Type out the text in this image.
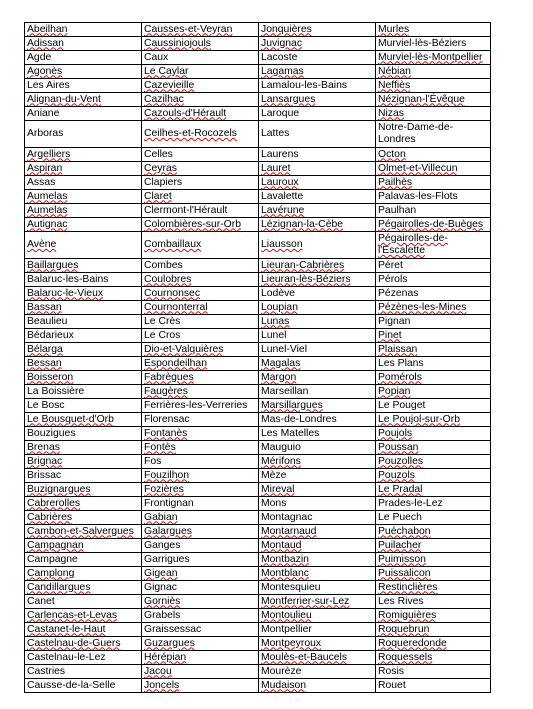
Abeilhan	Causses-et-Veyran	Jonquières	Murles
Adissan	Caussiniojouls	Juvignac	Murviel-lès-Béziers
Agde	Caux	Lacoste	Murviel-lès-Montpellier
Agonès	Le Caylar	Lagamas	Nébian
Les Aires	Cazevieille	Lamalou-les-Bains	Neffiès
Alignan-du-Vent	Cazilhac	Lansargues	Nézignan-l'Évêque
Aniane	Cazouls-d'Hérault	Laroque	Nizas
Arboras	Ceilhes-et-Rocozels	Lattes	Notre-Dame-de-Londres
Argelliers	Celles	Laurens	Octon
Aspiran	Ceyras	Lauret	Olmet-et-Villecun
Assas	Clapiers	Lauroux	Pailhès
Aumelas	Claret	Lavalette	Palavas-les-Flots
Aumelas	Clermont-l'Hérault	Lavérune	Paulhan
Autignac	Colombières-sur-Orb	Lézignan-la-Cèbe	Pégairolles-de-Buèges
Avène	Combaillaux	Liausson	Pégairolles-de-l'Escalette
Baillargues	Combes	Lieuran-Cabrières	Péret
Balaruc-les-Bains	Coulobres	Lieuran-lès-Béziers	Pérols
Balaruc-le-Vieux	Cournonsec	Lodève	Pézenas
Bassan	Cournonterral	Loupian	Pézènes-les-Mines
Beaulieu	Le Crès	Lunas	Pignan
Bédarieux	Le Cros	Lunel	Pinet
Bélarga	Dio-et-Valquières	Lunel-Viel	Plaissan
Bessan	Espondeilhan	Magalas	Les Plans
Boisseron	Fabrègues	Margon	Pomérols
La Boissière	Faugères	Marseillan	Popian
Le Bosc	Ferrières-les-Verreries	Marsillargues	Le Pouget
Le Bousquet-d'Orb	Florensac	Mas-de-Londres	Le Poujol-sur-Orb
Bouzigues	Fontanès	Les Matelles	Poujols
Brenas	Fontès	Mauguio	Poussan
Brignac	Fos	Mérifons	Pouzolles
Brissac	Fouzilhon	Mèze	Pouzols
Buzignargues	Fozières	Mireval	Le Pradal
Cabrerolles	Frontignan	Mons	Prades-le-Lez
Cabrières	Gabian	Montagnac	Le Puech
Cambon-et-Salvergues	Galargues	Montarnaud	Puéchabon
Campagnan	Ganges	Montaud	Puilacher
Campagne	Garrigues	Montbazin	Puimisson
Camplong	Gigean	Montblanc	Puissalicon
Candillargues	Gignac	Montesquieu	Restinclières
Canet	Gorniès	Montferrier-sur-Lez	Les Rives
Carlencas-et-Levas	Grabels	Montoulieu	Romiguières
Castanet-le-Haut	Graissessac	Montpellier	Roquebrun
Castelnau-de-Guers	Guzargues	Montpeyroux	Roqueredonde
Castelnau-le-Lez	Hérépian	Moulès-et-Baucels	Roquessels
Castries	Jacou	Mourèze	Rosis
Causse-de-la-Selle	Joncels	Mudaison	Rouet
